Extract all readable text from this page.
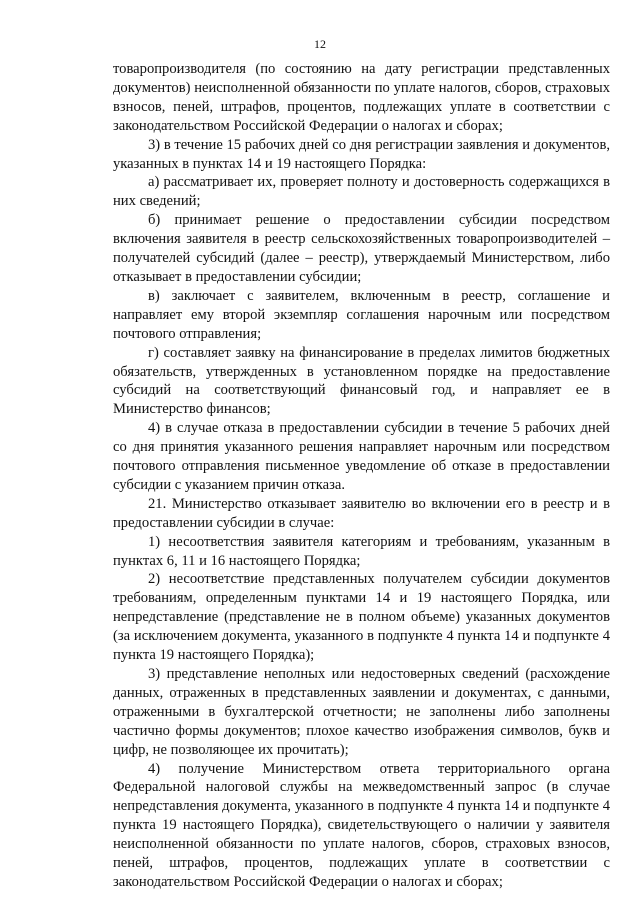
12

товаропроизводителя (по состоянию на дату регистрации представленных документов) неисполненной обязанности по уплате налогов, сборов, страховых взносов, пеней, штрафов, процентов, подлежащих уплате в соответствии с законодательством Российской Федерации о налогах и сборах;

3) в течение 15 рабочих дней со дня регистрации заявления и документов, указанных в пунктах 14 и 19 настоящего Порядка:

а) рассматривает их, проверяет полноту и достоверность содержащихся в них сведений;

б) принимает решение о предоставлении субсидии посредством включения заявителя в реестр сельскохозяйственных товаропроизводителей – получателей субсидий (далее – реестр), утверждаемый Министерством, либо отказывает в предоставлении субсидии;

в) заключает с заявителем, включенным в реестр, соглашение и направляет ему второй экземпляр соглашения нарочным или посредством почтового отправления;

г) составляет заявку на финансирование в пределах лимитов бюджетных обязательств, утвержденных в установленном порядке на предоставление субсидий на соответствующий финансовый год, и направляет ее в Министерство финансов;

4) в случае отказа в предоставлении субсидии в течение 5 рабочих дней со дня принятия указанного решения направляет нарочным или посредством почтового отправления письменное уведомление об отказе в предоставлении субсидии с указанием причин отказа.

21. Министерство отказывает заявителю во включении его в реестр и в предоставлении субсидии в случае:

1) несоответствия заявителя категориям и требованиям, указанным в пунктах 6, 11 и 16 настоящего Порядка;

2) несоответствие представленных получателем субсидии документов требованиям, определенным пунктами 14 и 19 настоящего Порядка, или непредставление (представление не в полном объеме) указанных документов (за исключением документа, указанного в подпункте 4 пункта 14 и подпункте 4 пункта 19 настоящего Порядка);

3) представление неполных или недостоверных сведений (расхождение данных, отраженных в представленных заявлении и документах, с данными, отраженными в бухгалтерской отчетности; не заполнены либо заполнены частично формы документов; плохое качество изображения символов, букв и цифр, не позволяющее их прочитать);

4) получение Министерством ответа территориального органа Федеральной налоговой службы на межведомственный запрос (в случае непредставления документа, указанного в подпункте 4 пункта 14 и подпункте 4 пункта 19 настоящего Порядка), свидетельствующего о наличии у заявителя неисполненной обязанности по уплате налогов, сборов, страховых взносов, пеней, штрафов, процентов, подлежащих уплате в соответствии с законодательством Российской Федерации о налогах и сборах;
